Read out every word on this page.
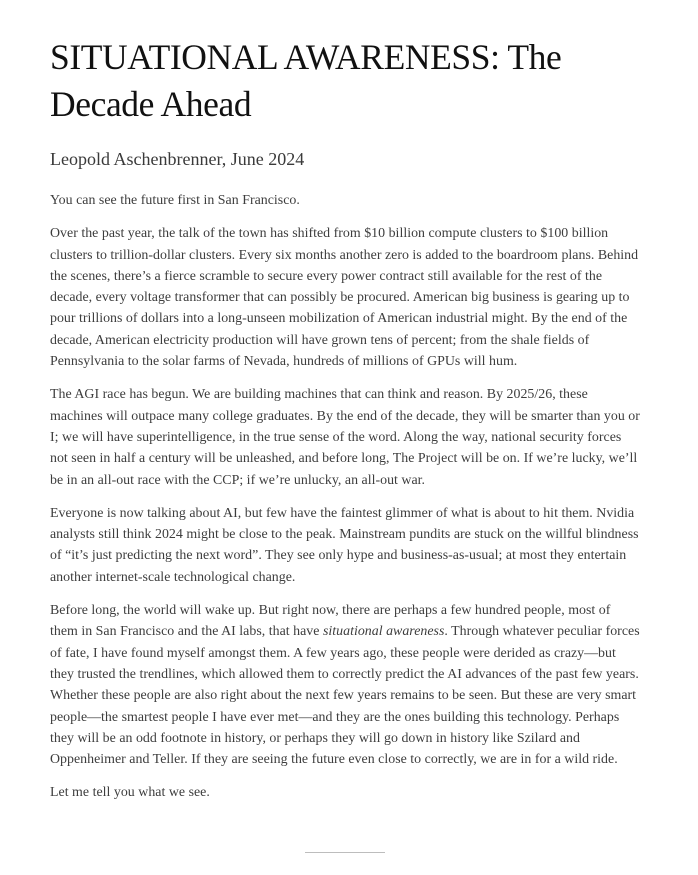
SITUATIONAL AWARENESS: The Decade Ahead

Leopold Aschenbrenner, June 2024

You can see the future first in San Francisco.

Over the past year, the talk of the town has shifted from $10 billion compute clusters to $100 billion clusters to trillion-dollar clusters. Every six months another zero is added to the boardroom plans. Behind the scenes, there’s a fierce scramble to secure every power contract still available for the rest of the decade, every voltage transformer that can possibly be procured. American big business is gearing up to pour trillions of dollars into a long-unseen mobilization of American industrial might. By the end of the decade, American electricity production will have grown tens of percent; from the shale fields of Pennsylvania to the solar farms of Nevada, hundreds of millions of GPUs will hum.

The AGI race has begun. We are building machines that can think and reason. By 2025/26, these machines will outpace many college graduates. By the end of the decade, they will be smarter than you or I; we will have superintelligence, in the true sense of the word. Along the way, national security forces not seen in half a century will be unleashed, and before long, The Project will be on. If we’re lucky, we’ll be in an all-out race with the CCP; if we’re unlucky, an all-out war.

Everyone is now talking about AI, but few have the faintest glimmer of what is about to hit them. Nvidia analysts still think 2024 might be close to the peak. Mainstream pundits are stuck on the willful blindness of “it’s just predicting the next word”. They see only hype and business-as-usual; at most they entertain another internet-scale technological change.

Before long, the world will wake up. But right now, there are perhaps a few hundred people, most of them in San Francisco and the AI labs, that have situational awareness. Through whatever peculiar forces of fate, I have found myself amongst them. A few years ago, these people were derided as crazy—but they trusted the trendlines, which allowed them to correctly predict the AI advances of the past few years. Whether these people are also right about the next few years remains to be seen. But these are very smart people—the smartest people I have ever met—and they are the ones building this technology. Perhaps they will be an odd footnote in history, or perhaps they will go down in history like Szilard and Oppenheimer and Teller. If they are seeing the future even close to correctly, we are in for a wild ride.

Let me tell you what we see.
